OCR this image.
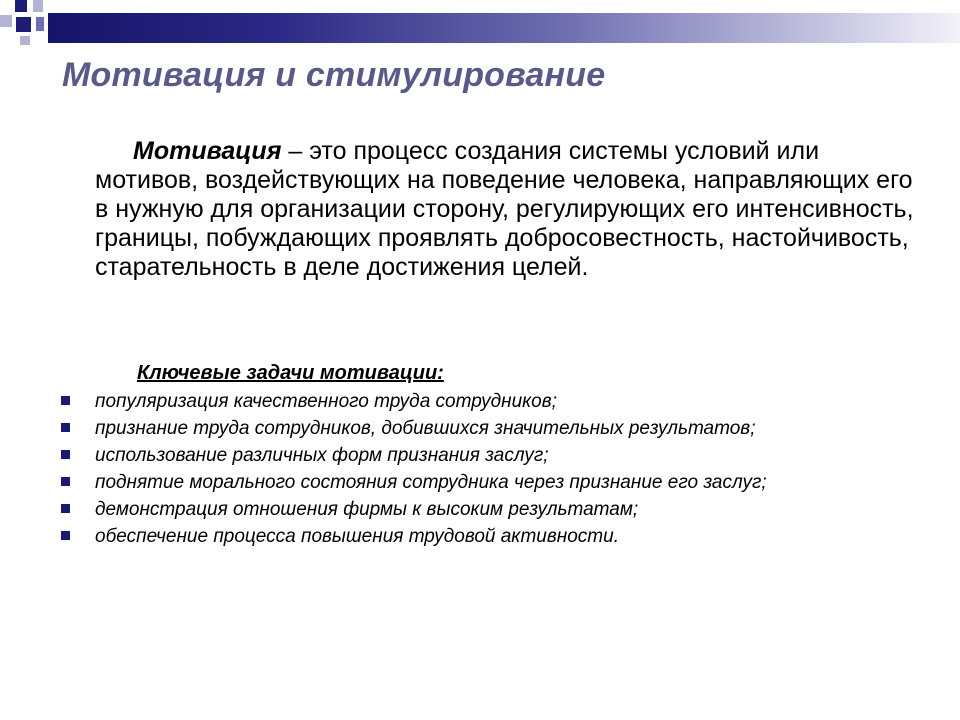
Мотивация и стимулирование

Мотивация – это процесс создания системы условий или мотивов, воздействующих на поведение человека, направляющих его в нужную для организации сторону, регулирующих его интенсивность, границы, побуждающих проявлять добросовестность, настойчивость, старательность в деле достижения целей.

Ключевые задачи мотивации:

популяризация качественного труда сотрудников;
признание труда сотрудников, добившихся значительных результатов;
использование различных форм признания заслуг;
поднятие морального состояния сотрудника через признание его заслуг;
демонстрация отношения фирмы к высоким результатам;
обеспечение процесса повышения трудовой активности.
